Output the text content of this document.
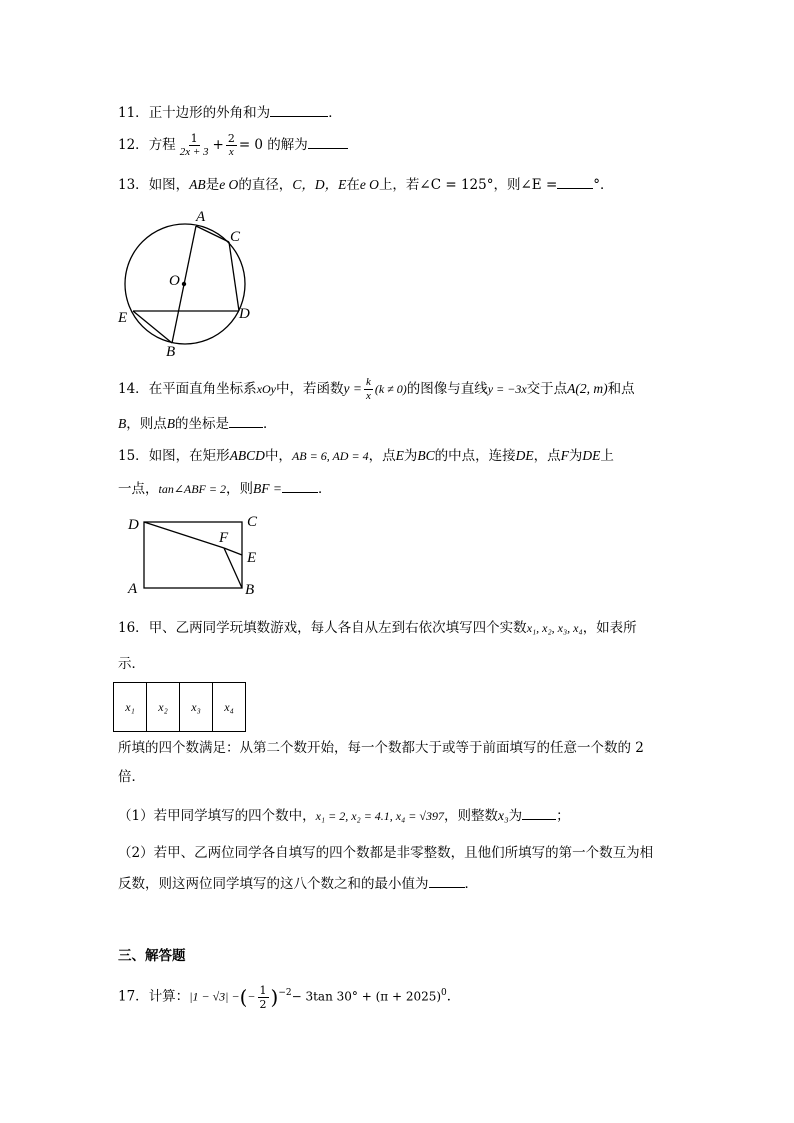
11．正十边形的外角和为	．
12．方程 $\frac{1}{2x + 3} + \frac{2}{x} = 0$ 的解为
13．如图，AB是e O的直径，C，D，E在e O上，若∠C = 125°，则∠E =	°．
A
C
O
E	D
B
14．在平面直角坐标系xOy中，若函数$y = \frac{k}{x} (k \ne 0)$的图像与直线y = −3x交于点A(2, m)和点
B，则点B的坐标是	．
15．如图，在矩形ABCD中，AB = 6, AD = 4，点E为BC的中点，连接DE，点F为DE上
一点，tan∠ABF = 2，则BF =	．
D	C
F
E
A	B
16．甲、乙两同学玩填数游戏，每人各自从左到右依次填写四个实数x₁, x₂, x₃, x₄，如表所
示．
x₁	x₂	x₃	x₄
所填的四个数满足：从第二个数开始，每一个数都大于或等于前面填写的任意一个数的 2
倍．
（1）若甲同学填写的四个数中，x₁ = 2, x₂ = 4.1, x₄ = √397，则整数x₃为	；
（2）若甲、乙两位同学各自填写的四个数都是非零整数，且他们所填写的第一个数互为相
反数，则这两位同学填写的这八个数之和的最小值为	．
三、解答题
17．计算：|1 − √3| −(− $\frac{1}{2} )^{-2}- 3\tan$ $30^\circ + (\pi + 2025)^0$．
